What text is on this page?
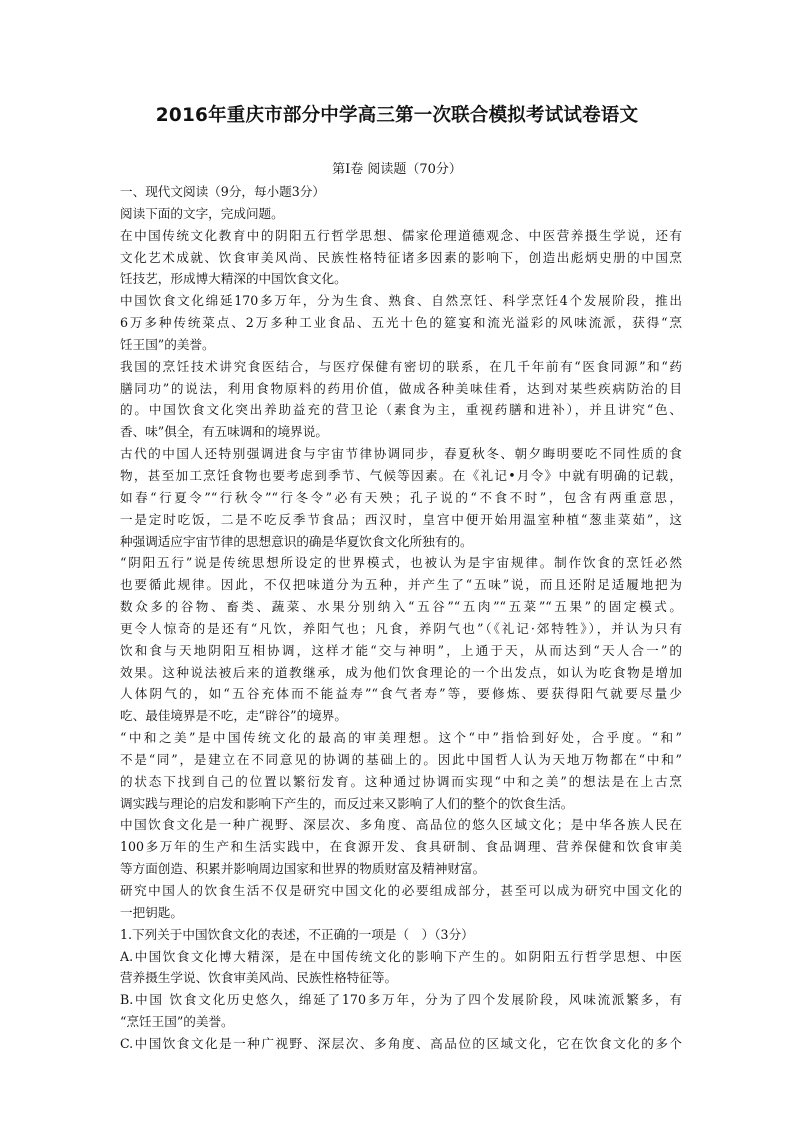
2016年重庆市部分中学高三第一次联合模拟考试试卷语文
第Ⅰ卷 阅读题（70分）
一、现代文阅读（9分，每小题3分）
阅读下面的文字，完成问题。
在中国传统文化教育中的阴阳五行哲学思想、儒家伦理道德观念、中医营养摄生学说，还有
文化艺术成就、饮食审美风尚、民族性格特征诸多因素的影响下，创造出彪炳史册的中国烹
饪技艺，形成博大精深的中国饮食文化。
中国饮食文化绵延170多万年，分为生食、熟食、自然烹饪、科学烹饪4个发展阶段，推出
6万多种传统菜点、2万多种工业食品、五光十色的筵宴和流光溢彩的风味流派，获得“烹
饪王国”的美誉。
我国的烹饪技术讲究食医结合，与医疗保健有密切的联系，在几千年前有“医食同源”和“药
膳同功”的说法，利用食物原料的药用价值，做成各种美味佳肴，达到对某些疾病防治的目
的。中国饮食文化突出养助益充的营卫论（素食为主，重视药膳和进补），并且讲究“色、
香、味”俱全，有五味调和的境界说。
古代的中国人还特别强调进食与宇宙节律协调同步，春夏秋冬、朝夕晦明要吃不同性质的食
物，甚至加工烹饪食物也要考虑到季节、气候等因素。在《礼记•月令》中就有明确的记载，
如春“行夏令”“行秋令”“行冬令”必有天殃；孔子说的“不食不时”，包含有两重意思，
一是定时吃饭，二是不吃反季节食品；西汉时，皇宫中便开始用温室种植“葱韭菜茹”，这
种强调适应宇宙节律的思想意识的确是华夏饮食文化所独有的。
“阴阳五行”说是传统思想所设定的世界模式，也被认为是宇宙规律。制作饮食的烹饪必然
也要循此规律。因此，不仅把味道分为五种，并产生了“五味”说，而且还附足适履地把为
数众多的谷物、畜类、蔬菜、水果分别纳入“五谷”“五肉”“五菜”“五果”的固定模式。
更令人惊奇的是还有“凡饮，养阳气也；凡食，养阴气也”（《礼记·郊特牲》），并认为只有
饮和食与天地阴阳互相协调，这样才能“交与神明”，上通于天，从而达到“天人合一”的
效果。这种说法被后来的道教继承，成为他们饮食理论的一个出发点，如认为吃食物是增加
人体阴气的，如“五谷充体而不能益寿”“食气者寿”等，要修炼、要获得阳气就要尽量少
吃、最佳境界是不吃，走“辟谷”的境界。
“中和之美”是中国传统文化的最高的审美理想。这个“中”指恰到好处，合乎度。“和”
不是“同”，是建立在不同意见的协调的基础上的。因此中国哲人认为天地万物都在“中和”
的状态下找到自己的位置以繁衍发育。这种通过协调而实现“中和之美”的想法是在上古烹
调实践与理论的启发和影响下产生的，而反过来又影响了人们的整个的饮食生活。
中国饮食文化是一种广视野、深层次、多角度、高品位的悠久区域文化；是中华各族人民在
100多万年的生产和生活实践中，在食源开发、食具研制、食品调理、营养保健和饮食审美
等方面创造、积累并影响周边国家和世界的物质财富及精神财富。
研究中国人的饮食生活不仅是研究中国文化的必要组成部分，甚至可以成为研究中国文化的
一把钥匙。
1.下列关于中国饮食文化的表述，不正确的一项是（　）（3分）
A.中国饮食文化博大精深，是在中国传统文化的影响下产生的。如阴阳五行哲学思想、中医
营养摄生学说、饮食审美风尚、民族性格特征等。
B.中国 饮食文化历史悠久，绵延了170多万年，分为了四个发展阶段，风味流派繁多，有
“烹饪王国”的美誉。
C.中国饮食文化是一种广视野、深层次、多角度、高品位的区域文化，它在饮食文化的多个
